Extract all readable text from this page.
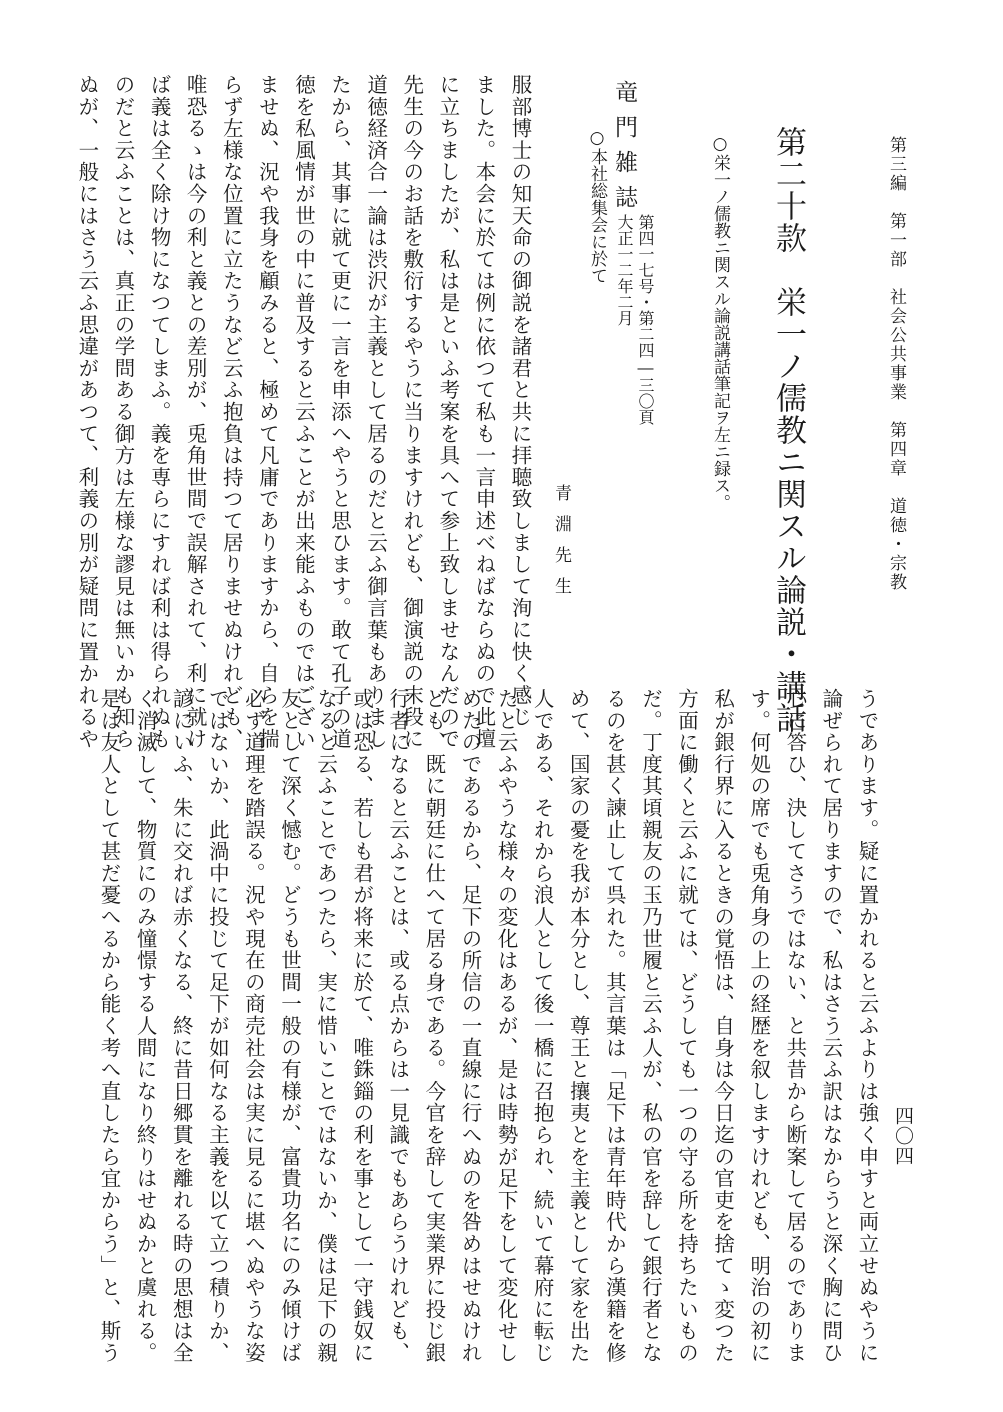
第三編　第一部　社会公共事業　第四章　道徳・宗教
四〇四
第二十款　栄一ノ儒教ニ関スル論説・講話
○栄一ノ儒教ニ関スル論説講話筆記ヲ左ニ録ス。
竜門雑誌
第四一七号・第二四―三〇頁
大正一二年二月
○本社総集会に於て
青淵先生
服部博士の知天命の御説を諸君と共に拝聴致しまして洵に快く感じ
ました。本会に於ては例に依つて私も一言申述べねばならぬので此壇
に立ちましたが、私は是といふ考案を具へて参上致しませなんだので
先生の今のお話を敷衍するやうに当りますけれども、御演説の末段に
道徳経済合一論は渋沢が主義として居るのだと云ふ御言葉もありまし
たから、其事に就て更に一言を申添へやうと思ひます。敢て孔子の道
徳を私風情が世の中に普及すると云ふことが出来能ふものではござい
ませぬ、況や我身を顧みると、極めて凡庸でありますから、自らを揣
らず左様な位置に立たうなど云ふ抱負は持つて居りませぬけれども、
唯恐るゝは今の利と義との差別が、兎角世間で誤解されて、利に就け
ば義は全く除け物になつてしまふ。義を専らにすれば利は得られぬも
のだと云ふことは、真正の学問ある御方は左様な謬見は無いかも知ら
ぬが、一般にはさう云ふ思違があつて、利義の別が疑問に置かれるや
うであります。疑に置かれると云ふよりは強く申すと両立せぬやうに
論ぜられて居りますので、私はさう云ふ訳はなからうと深く胸に問ひ
心に答ひ、決してさうではない、と共昔から断案して居るのでありま
す。何処の席でも兎角身の上の経歴を叙しますけれども、明治の初に
私が銀行界に入るときの覚悟は、自身は今日迄の官吏を捨てゝ変つた
方面に働くと云ふに就ては、どうしても一つの守る所を持ちたいもの
だ。丁度其頃親友の玉乃世履と云ふ人が、私の官を辞して銀行者とな
るのを甚く諫止して呉れた。其言葉は「足下は青年時代から漢籍を修
めて、国家の憂を我が本分とし、尊王と攘夷とを主義として家を出た
人である、それから浪人として後一橋に召抱られ、続いて幕府に転じ
たと云ふやうな様々の変化はあるが、是は時勢が足下をして変化せし
めたのであるから、足下の所信の一直線に行へぬのを咎めはせぬけれ
ども、既に朝廷に仕へて居る身である。今官を辞して実業界に投じ銀
行者になると云ふことは、或る点からは一見識でもあらうけれども、
或は恐る、若しも君が将来に於て、唯銖錙の利を事として一守銭奴に
なると云ふことであつたら、実に惜いことではないか、僕は足下の親
友として深く憾む。どうも世間一般の有様が、富貴功名にのみ傾けば
必ず道理を踏誤る。況や現在の商売社会は実に見るに堪へぬやうな姿
ではないか、此渦中に投じて足下が如何なる主義を以て立つ積りか、
諺にいふ、朱に交れば赤くなる、終に昔日郷貫を離れる時の思想は全
く消滅して、物質にのみ憧憬する人間になり終りはせぬかと虞れる。
是は友人として甚だ憂へるから能く考へ直したら宜からう」と、斯う
